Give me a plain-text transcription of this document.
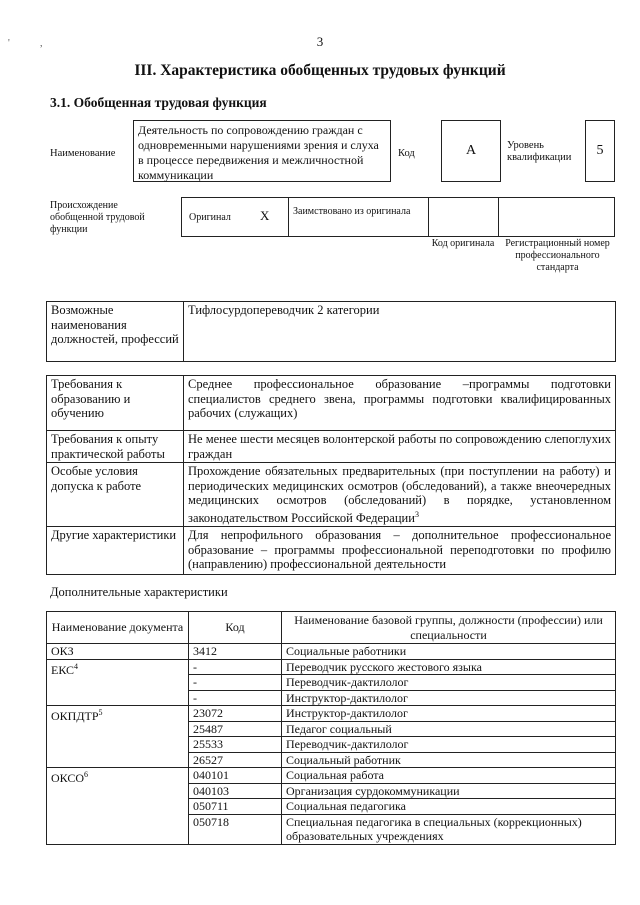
'	,	3
III. Характеристика обобщенных трудовых функций
3.1. Обобщенная трудовая функция
Наименование
Деятельность по сопровождению граждан с одновременными нарушениями зрения и слуха в процессе передвижения и межличностной коммуникации
Код	А	Уровень квалификации	5
Происхождение обобщенной трудовой функции
Оригинал X Заимствовано из оригинала
Код оригинала	Регистрационный номер профессионального стандарта
Возможные наименования должностей, профессий	Тифлосурдопереводчик 2 категории
Требования к образованию и обучению	Среднее профессиональное образование –программы подготовки специалистов среднего звена, программы подготовки квалифицированных рабочих (служащих)
Требования к опыту практической работы	Не менее шести месяцев волонтерской работы по сопровождению слепоглухих граждан
Особые условия допуска к работе	Прохождение обязательных предварительных (при поступлении на работу) и периодических медицинских осмотров (обследований), а также внеочередных медицинских осмотров (обследований) в порядке, установленном законодательством Российской Федерации$^3$
Другие характеристики	Для непрофильного образования – дополнительное профессиональное образование – программы профессиональной переподготовки по профилю (направлению) профессиональной деятельности
Дополнительные характеристики
Наименование документа	Код	Наименование базовой группы, должности (профессии) или специальности
ОКЗ	3412	Социальные работники
ЕКС$^4$	-	Переводчик русского жестового языка
	-	Переводчик-дактилолог
	-	Инструктор-дактилолог
ОКПДТР$^5$	23072	Инструктор-дактилолог
	25487	Педагог социальный
	25533	Переводчик-дактилолог
	26527	Социальный работник
ОКСО$^6$	040101	Социальная работа
	040103	Организация сурдокоммуникации
	050711	Социальная педагогика
	050718	Специальная педагогика в специальных (коррекционных) образовательных учреждениях
